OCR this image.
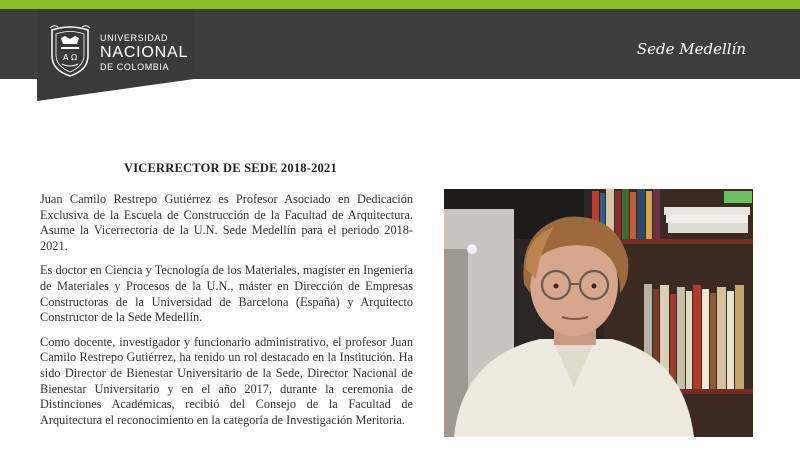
A Ω
UNIVERSIDAD
NACIONAL
DE COLOMBIA
Sede Medellín
VICERRECTOR DE SEDE 2018-2021

Juan Camilo Restrepo Gutiérrez es Profesor Asociado en Dedicación Exclusiva de la Escuela de Construcción de la Facultad de Arquitectura. Asume la Vicerrectoría de la U.N. Sede Medellín para el periodo 2018-2021.

Es doctor en Ciencia y Tecnología de los Materiales, magíster en Ingeniería de Materiales y Procesos de la U.N., máster en Dirección de Empresas Constructoras de la Universidad de Barcelona (España) y Arquitecto Constructor de la Sede Medellín.

Como docente, investigador y funcionario administrativo, el profesor Juan Camilo Restrepo Gutiérrez, ha tenido un rol destacado en la Institución. Ha sido Director de Bienestar Universitario de la Sede, Director Nacional de Bienestar Universitario y en el año 2017, durante la ceremonia de Distinciones Académicas, recibió del Consejo de la Facultad de Arquitectura el reconocimiento en la categoría de Investigación Meritoria.
